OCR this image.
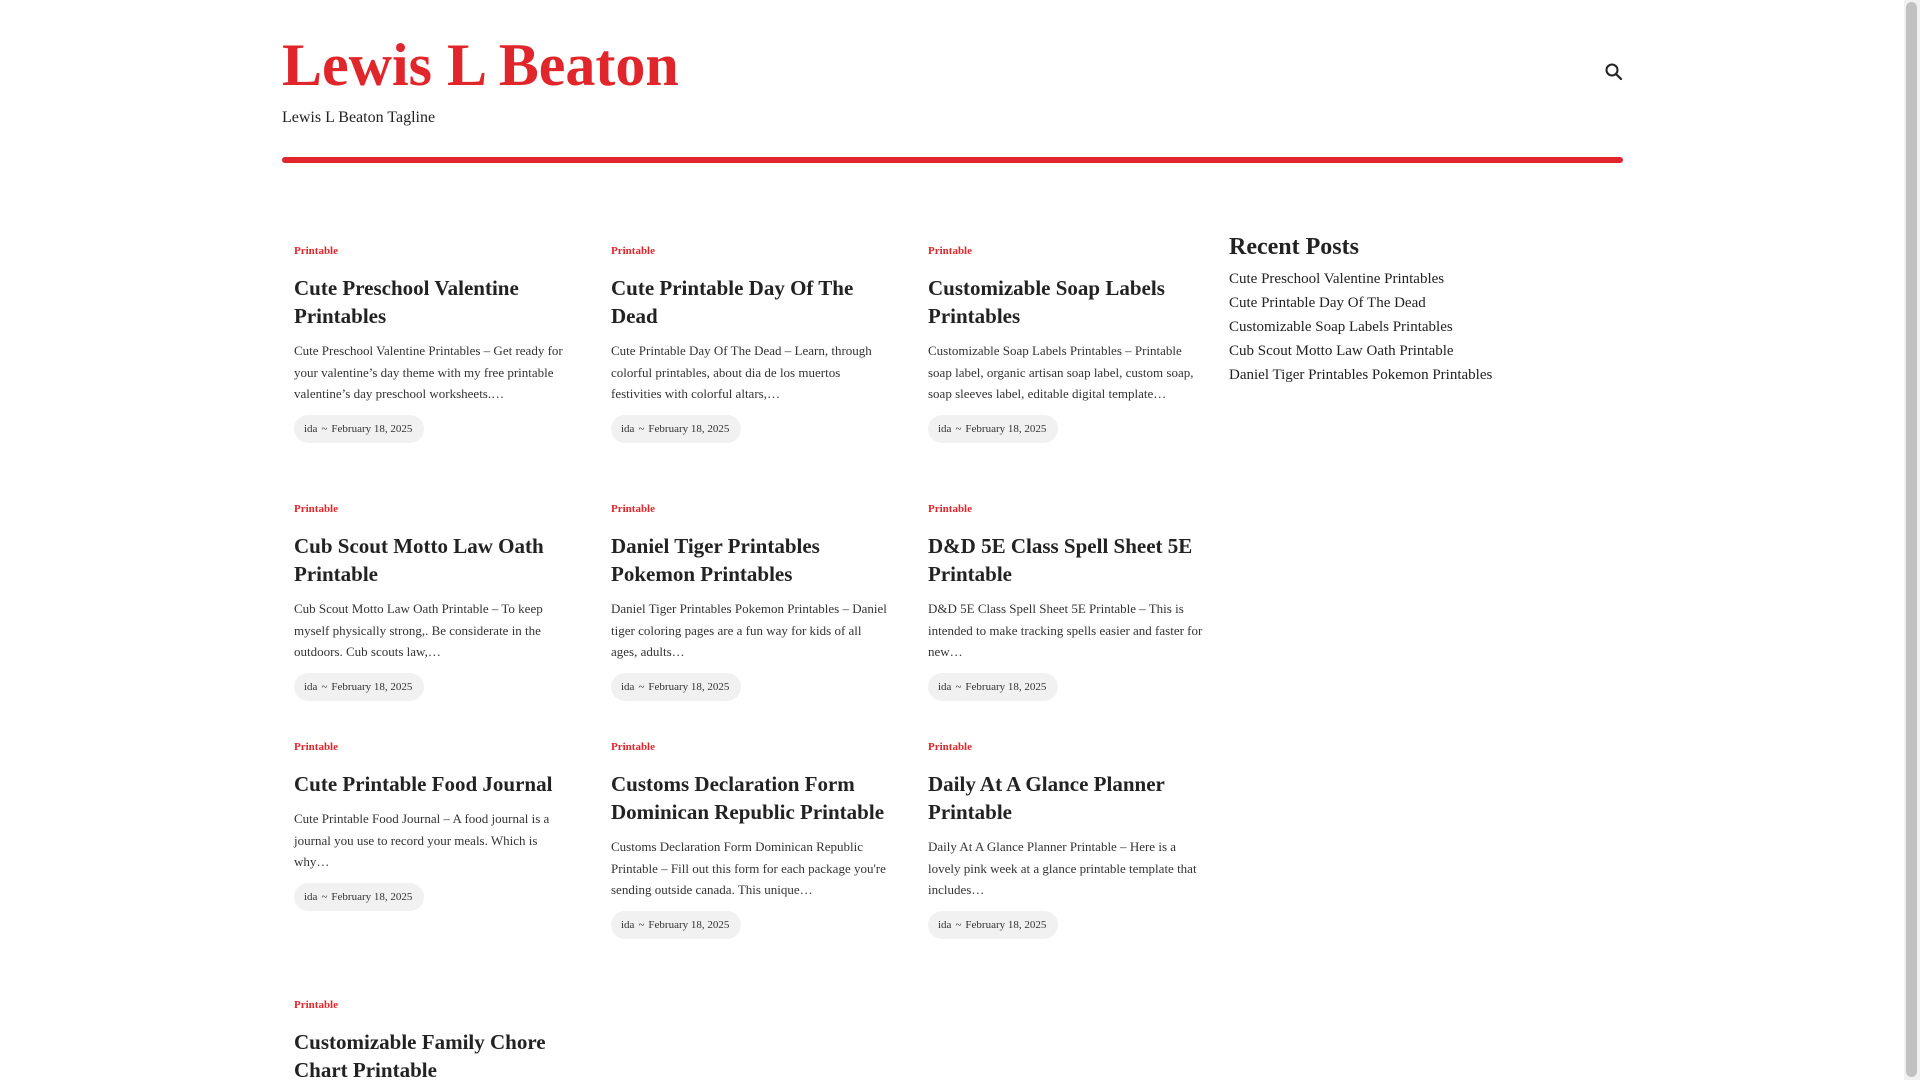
Lewis L Beaton
Lewis L Beaton Tagline
Printable
Cute Preschool Valentine Printables

Cute Preschool Valentine Printables – Get ready for your valentine’s day theme with my free printable valentine’s day preschool worksheets.…

ida ~ February 18, 2025
Printable
Cute Printable Day Of The Dead

Cute Printable Day Of The Dead – Learn, through colorful printables, about dia de los muertos festivities with colorful altars,…

ida ~ February 18, 2025
Printable
Customizable Soap Labels Printables

Customizable Soap Labels Printables – Printable soap label, organic artisan soap label, custom soap, soap sleeves label, editable digital template…

ida ~ February 18, 2025
Printable
Cub Scout Motto Law Oath Printable

Cub Scout Motto Law Oath Printable – To keep myself physically strong,. Be considerate in the outdoors. Cub scouts law,…

ida ~ February 18, 2025
Printable
Daniel Tiger Printables Pokemon Printables

Daniel Tiger Printables Pokemon Printables – Daniel tiger coloring pages are a fun way for kids of all ages, adults…

ida ~ February 18, 2025
Printable
D&D 5E Class Spell Sheet 5E Printable

D&D 5E Class Spell Sheet 5E Printable – This is intended to make tracking spells easier and faster for new…

ida ~ February 18, 2025
Printable
Cute Printable Food Journal

Cute Printable Food Journal – A food journal is a journal you use to record your meals. Which is why…

ida ~ February 18, 2025
Printable
Customs Declaration Form Dominican Republic Printable

Customs Declaration Form Dominican Republic Printable – Fill out this form for each package you're sending outside canada. This unique…

ida ~ February 18, 2025
Printable
Daily At A Glance Planner Printable

Daily At A Glance Planner Printable – Here is a lovely pink week at a glance printable template that includes…

ida ~ February 18, 2025
Printable
Customizable Family Chore Chart Printable
Recent Posts
Cute Preschool Valentine Printables
Cute Printable Day Of The Dead
Customizable Soap Labels Printables
Cub Scout Motto Law Oath Printable
Daniel Tiger Printables Pokemon Printables
